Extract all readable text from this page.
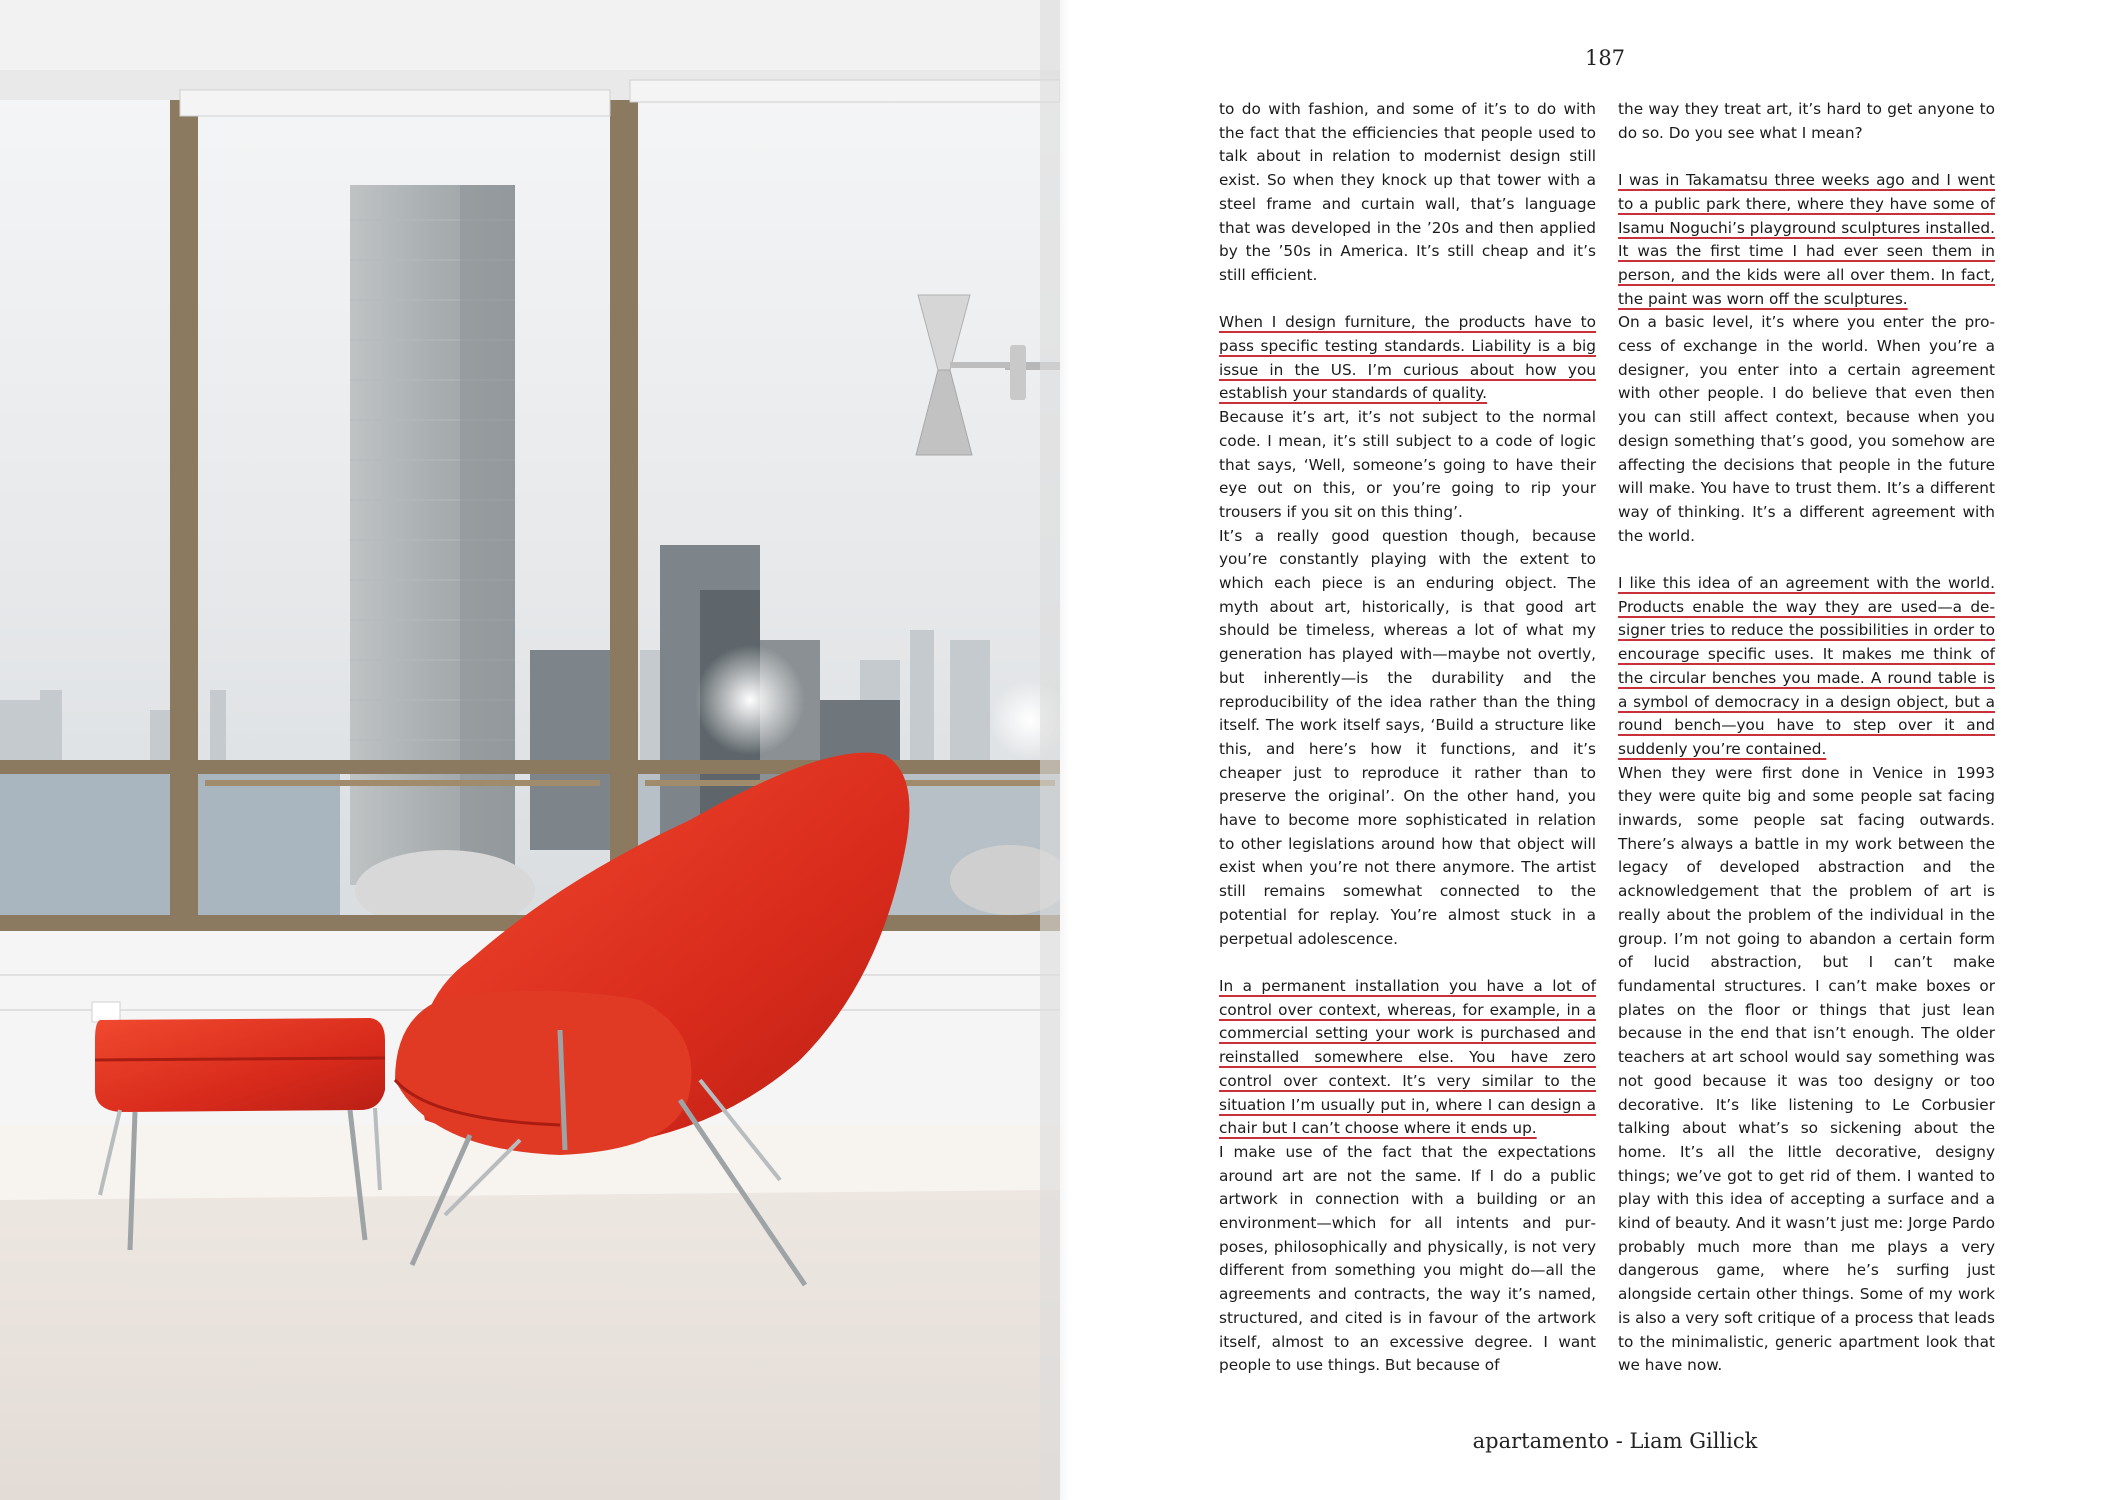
187

to do with fashion, and some of it’s to do with the fact that the efficiencies that people used to talk about in relation to modernist design still exist. So when they knock up that tower with a steel frame and curtain wall, that’s language that was developed in the ’20s and then applied by the ’50s in America. It’s still cheap and it’s still efficient.

When I design furniture, the products have to pass specific testing standards. Liability is a big issue in the US. I’m curious about how you establish your standards of quality.

Because it’s art, it’s not subject to the normal code. I mean, it’s still subject to a code of logic that says, ‘Well, someone’s going to have their eye out on this, or you’re going to rip your trousers if you sit on this thing’.

It’s a really good question though, because you’re constantly playing with the extent to which each piece is an enduring object. The myth about art, historically, is that good art should be timeless, whereas a lot of what my generation has played with—maybe not overtly, but inherently—is the durability and the reproducibility of the idea rather than the thing itself. The work itself says, ‘Build a structure like this, and here’s how it functions, and it’s cheaper just to reproduce it rather than to preserve the original’. On the other hand, you have to become more sophisticated in relation to other legislations around how that object will exist when you’re not there anymore. The artist still remains somewhat connected to the potential for replay. You’re almost stuck in a perpetual adolescence.

In a permanent installation you have a lot of control over context, whereas, for example, in a commercial setting your work is purchased and reinstalled somewhere else. You have zero control over context. It’s very similar to the situation I’m usually put in, where I can design a chair but I can’t choose where it ends up.

I make use of the fact that the expectations around art are not the same. If I do a public artwork in connection with a building or an environment—which for all intents and purposes, philosophically and physically, is not very different from something you might do—all the agreements and contracts, the way it’s named, structured, and cited is in favour of the artwork itself, almost to an excessive degree. I want people to use things. But because of

the way they treat art, it’s hard to get anyone to do so. Do you see what I mean?

I was in Takamatsu three weeks ago and I went to a public park there, where they have some of Isamu Noguchi’s playground sculptures installed. It was the first time I had ever seen them in person, and the kids were all over them. In fact, the paint was worn off the sculptures.

On a basic level, it’s where you enter the process of exchange in the world. When you’re a designer, you enter into a certain agreement with other people. I do believe that even then you can still affect context, because when you design something that’s good, you somehow are affecting the decisions that people in the future will make. You have to trust them. It’s a different way of thinking. It’s a different agreement with the world.

I like this idea of an agreement with the world. Products enable the way they are used—a designer tries to reduce the possibilities in order to encourage specific uses. It makes me think of the circular benches you made. A round table is a symbol of democracy in a design object, but a round bench—you have to step over it and suddenly you’re contained.

When they were first done in Venice in 1993 they were quite big and some people sat facing inwards, some people sat facing outwards. There’s always a battle in my work between the legacy of developed abstraction and the acknowledgement that the problem of art is really about the problem of the individual in the group. I’m not going to abandon a certain form of lucid abstraction, but I can’t make fundamental structures. I can’t make boxes or plates on the floor or things that just lean because in the end that isn’t enough. The older teachers at art school would say something was not good because it was too designy or too decorative. It’s like listening to Le Corbusier talking about what’s so sickening about the home. It’s all the little decorative, designy things; we’ve got to get rid of them. I wanted to play with this idea of accepting a surface and a kind of beauty. And it wasn’t just me: Jorge Pardo probably much more than me plays a very dangerous game, where he’s surfing just alongside certain other things. Some of my work is also a very soft critique of a process that leads to the minimalistic, generic apartment look that we have now.

apartamento - Liam Gillick
